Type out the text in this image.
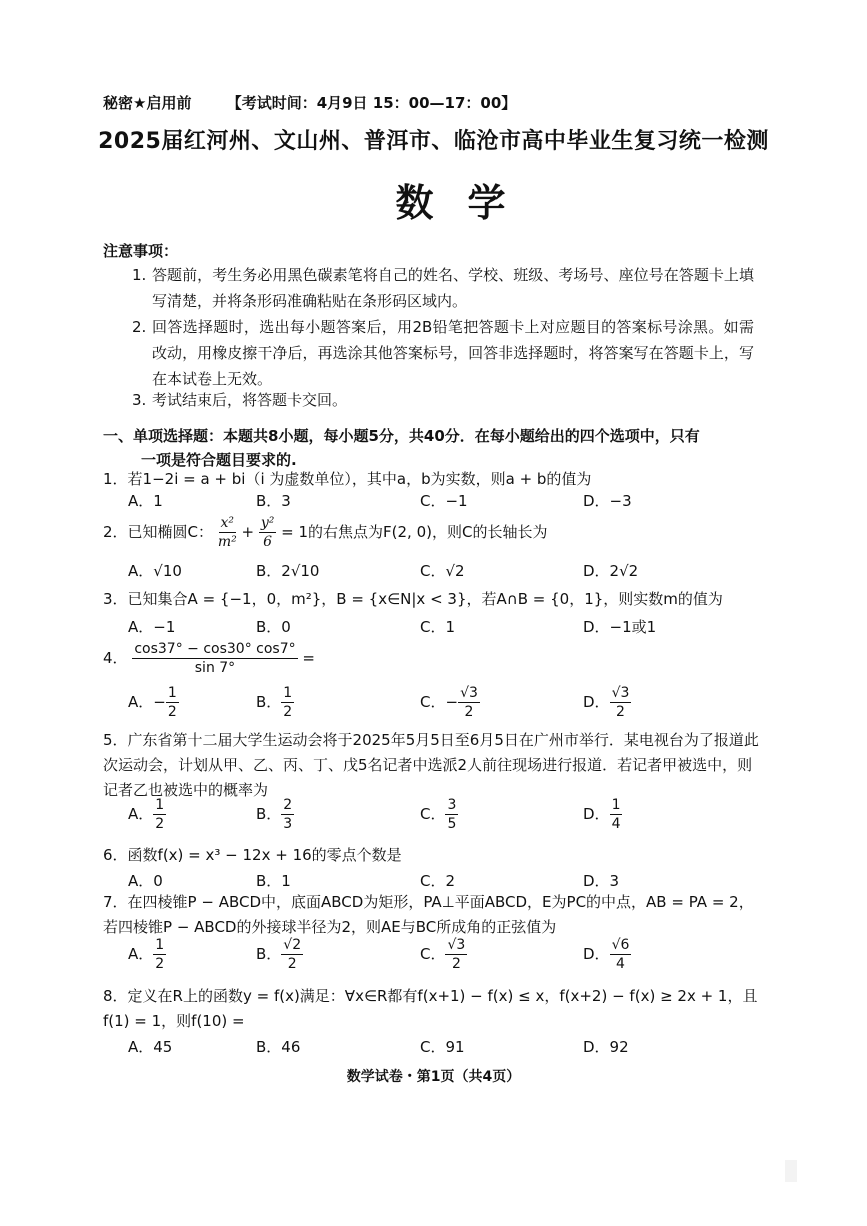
秘密★启用前 【考试时间：4月9日 15：00—17：00】
2025届红河州、文山州、普洱市、临沧市高中毕业生复习统一检测
数学
注意事项：
1. 答题前，考生务必用黑色碳素笔将自己的姓名、学校、班级、考场号、座位号在答题卡上填写清楚，并将条形码准确粘贴在条形码区域内。
2. 回答选择题时，选出每小题答案后，用2B铅笔把答题卡上对应题目的答案标号涂黑。如需改动，用橡皮擦干净后，再选涂其他答案标号，回答非选择题时，将答案写在答题卡上，写在本试卷上无效。
3. 考试结束后，将答题卡交回。
一、单项选择题：本题共8小题，每小题5分，共40分．在每小题给出的四个选项中，只有
一项是符合题目要求的.
1．若1−2i = a + bi（i 为虚数单位），其中a，b为实数，则a + b的值为
A．1	B．3	C．−1	D．−3
2．已知椭圆C： $\frac{\text{x²}}{\text{m²}} + \frac{\text{y²}}{6} = 1$的右焦点为F(2, 0)，则C的长轴长为
A．√10	B．2√10	C．√2	D．2√2
3．已知集合A = {−1，0，m²}，B = {x∈N|x < 3}，若A∩B = {0，1}，则实数m的值为
A．−1	B．0	C．1	D．−1或1
4． $\frac{\cos 37^\circ - \cos 30^\circ \cos 7^\circ}{\sin 7^\circ}$ =
A．− $\frac{1}{2}$	B． $\frac{1}{2}$	C．− $\frac{√3}{2}$	D． $\frac{√3}{2}$
5．广东省第十二届大学生运动会将于2025年5月5日至6月5日在广州市举行．某电视台为了报道此次运动会，计划从甲、乙、丙、丁、戊5名记者中选派2人前往现场进行报道．若记者甲被选中，则记者乙也被选中的概率为
A． $\frac{1}{2}$	B． $\frac{2}{3}$	C． $\frac{3}{5}$	D． $\frac{1}{4}$
6．函数f(x) = x³ − 12x + 16的零点个数是
A．0	B．1	C．2	D．3
7．在四棱锥P − ABCD中，底面ABCD为矩形，PA⊥平面ABCD，E为PC的中点，AB = PA = 2，若四棱锥P − ABCD的外接球半径为2，则AE与BC所成角的正弦值为
A． $\frac{1}{2}$	B． $\frac{√2}{2}$	C． $\frac{√3}{2}$	D． $\frac{√6}{4}$
8．定义在R上的函数y = f(x)满足：∀x∈R都有f(x+1) − f(x) ≤ x，f(x+2) − f(x) ≥ 2x + 1，且f(1) = 1，则f(10) =
A．45	B．46	C．91	D．92
数学试卷・第1页（共4页）
